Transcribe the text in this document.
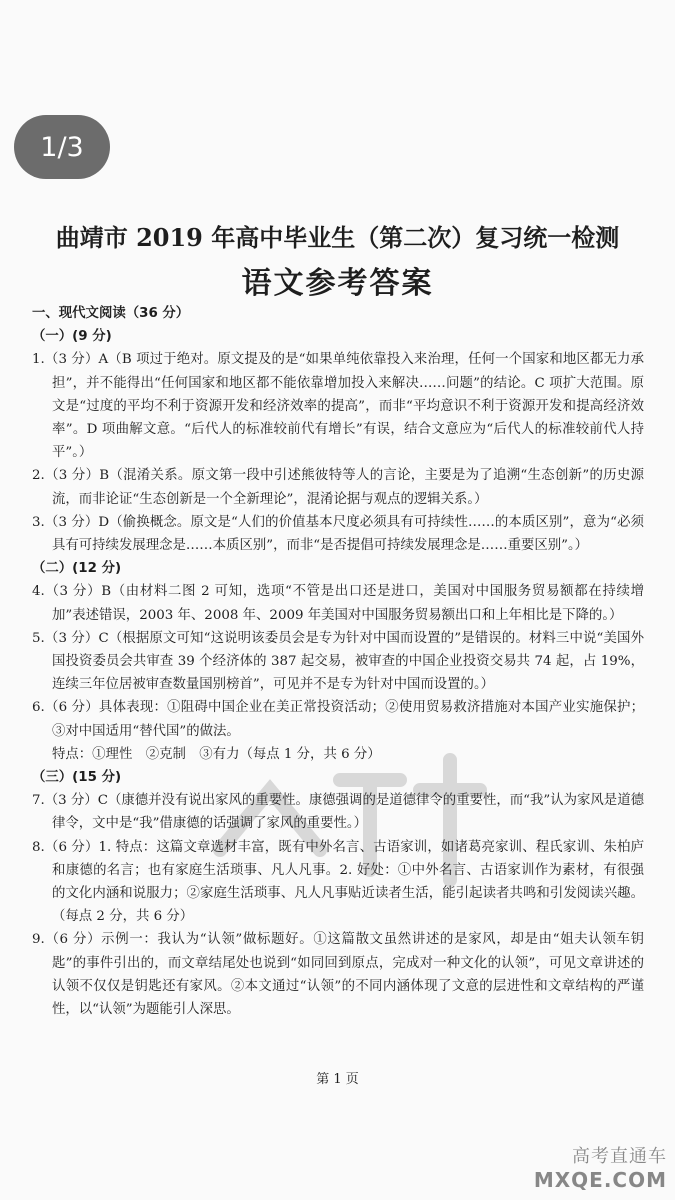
1/3
曲靖市 2019 年高中毕业生（第二次）复习统一检测
语文参考答案

一、现代文阅读（36 分）

（一）(9 分)

1.（3 分）A（B 项过于绝对。原文提及的是“如果单纯依靠投入来治理，任何一个国家和地区都无力承担”，并不能得出“任何国家和地区都不能依靠增加投入来解决……问题”的结论。C 项扩大范围。原文是“过度的平均不利于资源开发和经济效率的提高”，而非“平均意识不利于资源开发和提高经济效率”。D 项曲解文意。“后代人的标准较前代有增长”有误，结合文意应为“后代人的标准较前代人持平”。）

2.（3 分）B（混淆关系。原文第一段中引述熊彼特等人的言论，主要是为了追溯“生态创新”的历史源流，而非论证“生态创新是一个全新理论”，混淆论据与观点的逻辑关系。）

3.（3 分）D（偷换概念。原文是“人们的价值基本尺度必须具有可持续性……的本质区别”，意为“必须具有可持续发展理念是……本质区别”，而非“是否提倡可持续发展理念是……重要区别”。）

（二）(12 分)

4.（3 分）B（由材料二图 2 可知，选项“不管是出口还是进口，美国对中国服务贸易额都在持续增加”表述错误，2003 年、2008 年、2009 年美国对中国服务贸易额出口和上年相比是下降的。）

5.（3 分）C（根据原文可知“这说明该委员会是专为针对中国而设置的”是错误的。材料三中说“美国外国投资委员会共审查 39 个经济体的 387 起交易，被审查的中国企业投资交易共 74 起，占 19%，连续三年位居被审查数量国别榜首”，可见并不是专为针对中国而设置的。）

6.（6 分）具体表现：①阻碍中国企业在美正常投资活动；②使用贸易救济措施对本国产业实施保护；③对中国适用“替代国”的做法。

特点：①理性　②克制　③有力（每点 1 分，共 6 分）

（三）(15 分)

7.（3 分）C（康德并没有说出家风的重要性。康德强调的是道德律令的重要性，而“我”认为家风是道德律令，文中是“我”借康德的话强调了家风的重要性。）

8.（6 分）1. 特点：这篇文章选材丰富，既有中外名言、古语家训，如诸葛亮家训、程氏家训、朱柏庐和康德的名言；也有家庭生活琐事、凡人凡事。2. 好处：①中外名言、古语家训作为素材，有很强的文化内涵和说服力；②家庭生活琐事、凡人凡事贴近读者生活，能引起读者共鸣和引发阅读兴趣。（每点 2 分，共 6 分）

9.（6 分）示例一：我认为“认领”做标题好。①这篇散文虽然讲述的是家风，却是由“姐夫认领车钥匙”的事件引出的，而文章结尾处也说到“如同回到原点，完成对一种文化的认领”，可见文章讲述的认领不仅仅是钥匙还有家风。②本文通过“认领”的不同内涵体现了文意的层进性和文章结构的严谨性，以“认领”为题能引人深思。

第 1 页
高考直通车
MXQE.COM
